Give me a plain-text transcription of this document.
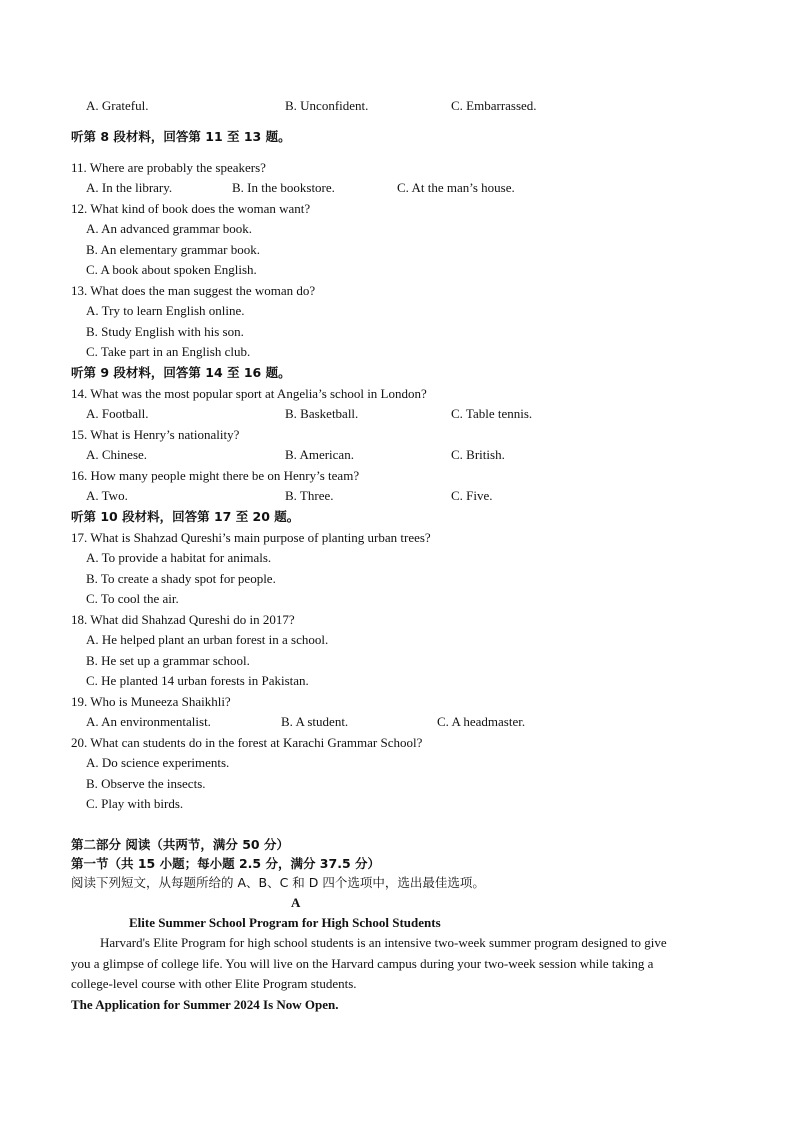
A. Grateful.	B. Unconfident.	C. Embarrassed.
听第 8 段材料，回答第 11 至 13 题。
11. Where are probably the speakers?
A. In the library.	B. In the bookstore.	C. At the man’s house.
12. What kind of book does the woman want?
A. An advanced grammar book.
B. An elementary grammar book.
C. A book about spoken English.
13. What does the man suggest the woman do?
A. Try to learn English online.
B. Study English with his son.
C. Take part in an English club.
听第 9 段材料，回答第 14 至 16 题。
14. What was the most popular sport at Angelia’s school in London?
A. Football.	B. Basketball.	C. Table tennis.
15. What is Henry’s nationality?
A. Chinese.	B. American.	C. British.
16. How many people might there be on Henry’s team?
A. Two.	B. Three.	C. Five.
听第 10 段材料，回答第 17 至 20 题。
17. What is Shahzad Qureshi’s main purpose of planting urban trees?
A. To provide a habitat for animals.
B. To create a shady spot for people.
C. To cool the air.
18. What did Shahzad Qureshi do in 2017?
A. He helped plant an urban forest in a school.
B. He set up a grammar school.
C. He planted 14 urban forests in Pakistan.
19. Who is Muneeza Shaikhli?
A. An environmentalist.	B. A student.	C. A headmaster.
20. What can students do in the forest at Karachi Grammar School?
A. Do science experiments.
B. Observe the insects.
C. Play with birds.
第二部分 阅读（共两节，满分 50 分）
第一节（共 15 小题；每小题 2.5 分，满分 37.5 分）
阅读下列短文，从每题所给的 A、B、C 和 D 四个选项中，选出最佳选项。
A
Elite Summer School Program for High School Students
Harvard's Elite Program for high school students is an intensive two-week summer program designed to give
you a glimpse of college life. You will live on the Harvard campus during your two-week session while taking a
college-level course with other Elite Program students.
The Application for Summer 2024 Is Now Open.
